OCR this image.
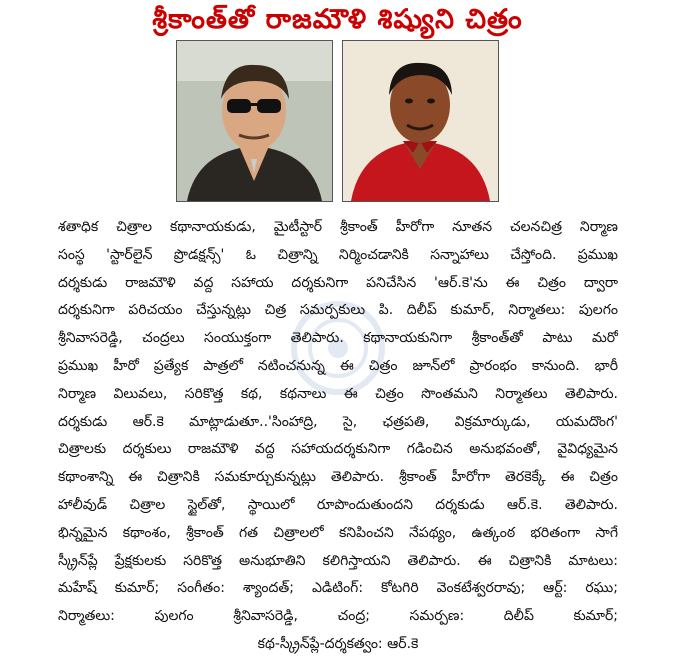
శ్రీకాంత్‌తో రాజమౌళి శిష్యుని చిత్రం
శతాధిక చిత్రాల కథానాయకుడు, మైటీస్టార్ శ్రీకాంత్ హీరోగా నూతన చలనచిత్ర నిర్మాణ
సంస్థ 'స్టార్‌లైన్ ప్రొడక్షన్స్' ఓ చిత్రాన్ని నిర్మించడానికి సన్నాహాలు చేస్తోంది. ప్రముఖ
దర్శకుడు రాజమౌళి వద్ద సహాయ దర్శకునిగా పనిచేసిన 'ఆర్.కె'ను ఈ చిత్రం ద్వారా
దర్శకునిగా పరిచయం చేస్తున్నట్లు చిత్ర సమర్పకులు పి. దిలీప్ కుమార్, నిర్మాతలు: పులగం
శ్రీనివాసరెడ్డి, చంద్రలు సంయుక్తంగా తెలిపారు. కథానాయకునిగా శ్రీకాంత్‌తో పాటు మరో
ప్రముఖ హీరో ప్రత్యేక పాత్రలో నటించనున్న ఈ చిత్రం జూన్‌లో ప్రారంభం కానుంది. భారీ
నిర్మాణ విలువలు, సరికొత్త కథ, కథనాలు ఈ చిత్రం సొంతమని నిర్మాతలు తెలిపారు.
దర్శకుడు ఆర్.కె మాట్లాడుతూ..'సింహాద్రి, సై, ఛత్రపతి, విక్రమార్కుడు, యమదొంగ'
చిత్రాలకు దర్శకులు రాజమౌళి వద్ద సహాయదర్శకునిగా గడించిన అనుభవంతో, వైవిధ్యమైన
కథాంశాన్ని ఈ చిత్రానికి సమకూర్చుకున్నట్లు తెలిపారు. శ్రీకాంత్ హీరోగా తెరకెక్కే ఈ చిత్రం
హాలీవుడ్ చిత్రాల స్టైల్‌తో, స్థాయిలో రూపొందుతుందని దర్శకుడు ఆర్.కె. తెలిపారు.
భిన్నమైన కథాంశం, శ్రీకాంత్ గత చిత్రాలలో కనిపించని నేపథ్యం, ఉత్కంఠ భరితంగా సాగే
స్క్రీన్‌ప్లే ప్రేక్షకులకు సరికొత్త అనుభూతిని కలిగిస్తాయని తెలిపారు. ఈ చిత్రానికి మాటలు:
మహేష్ కుమార్; సంగీతం: శ్యాందత్; ఎడిటింగ్: కోటగిరి వెంకటేశ్వరరావు; ఆర్ట్: రఘు;
నిర్మాతలు: పులగం శ్రీనివాసరెడ్డి, చంద్ర; సమర్పణ: దిలీప్ కుమార్;
కథ-స్క్రీన్‌ప్లే-దర్శకత్వం: ఆర్.కె
